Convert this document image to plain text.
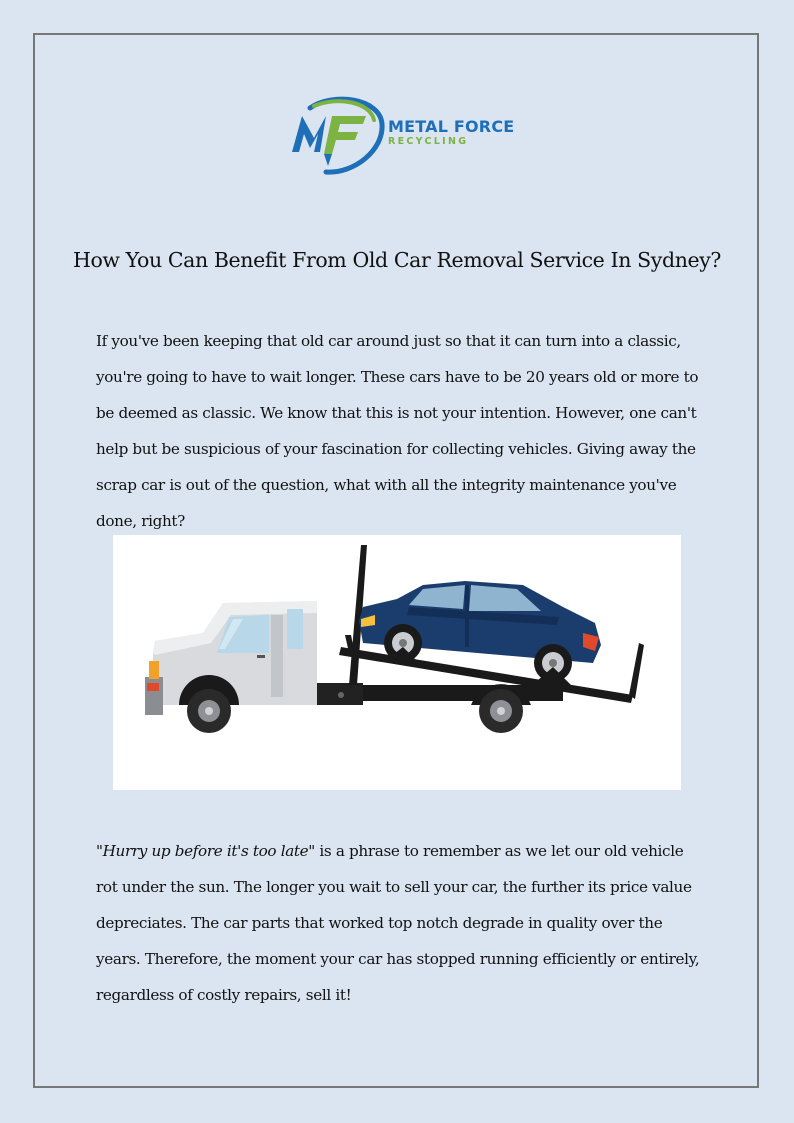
METAL FORCE
RECYCLING
How You Can Benefit From Old Car Removal Service In Sydney?

If you've been keeping that old car around just so that it can turn into a classic, you're going to have to wait longer. These cars have to be 20 years old or more to be deemed as classic. We know that this is not your intention. However, one can't help but be suspicious of your fascination for collecting vehicles. Giving away the scrap car is out of the question, what with all the integrity maintenance you've done, right?

"Hurry up before it's too late" is a phrase to remember as we let our old vehicle rot under the sun. The longer you wait to sell your car, the further its price value depreciates. The car parts that worked top notch degrade in quality over the years. Therefore, the moment your car has stopped running efficiently or entirely, regardless of costly repairs, sell it!
